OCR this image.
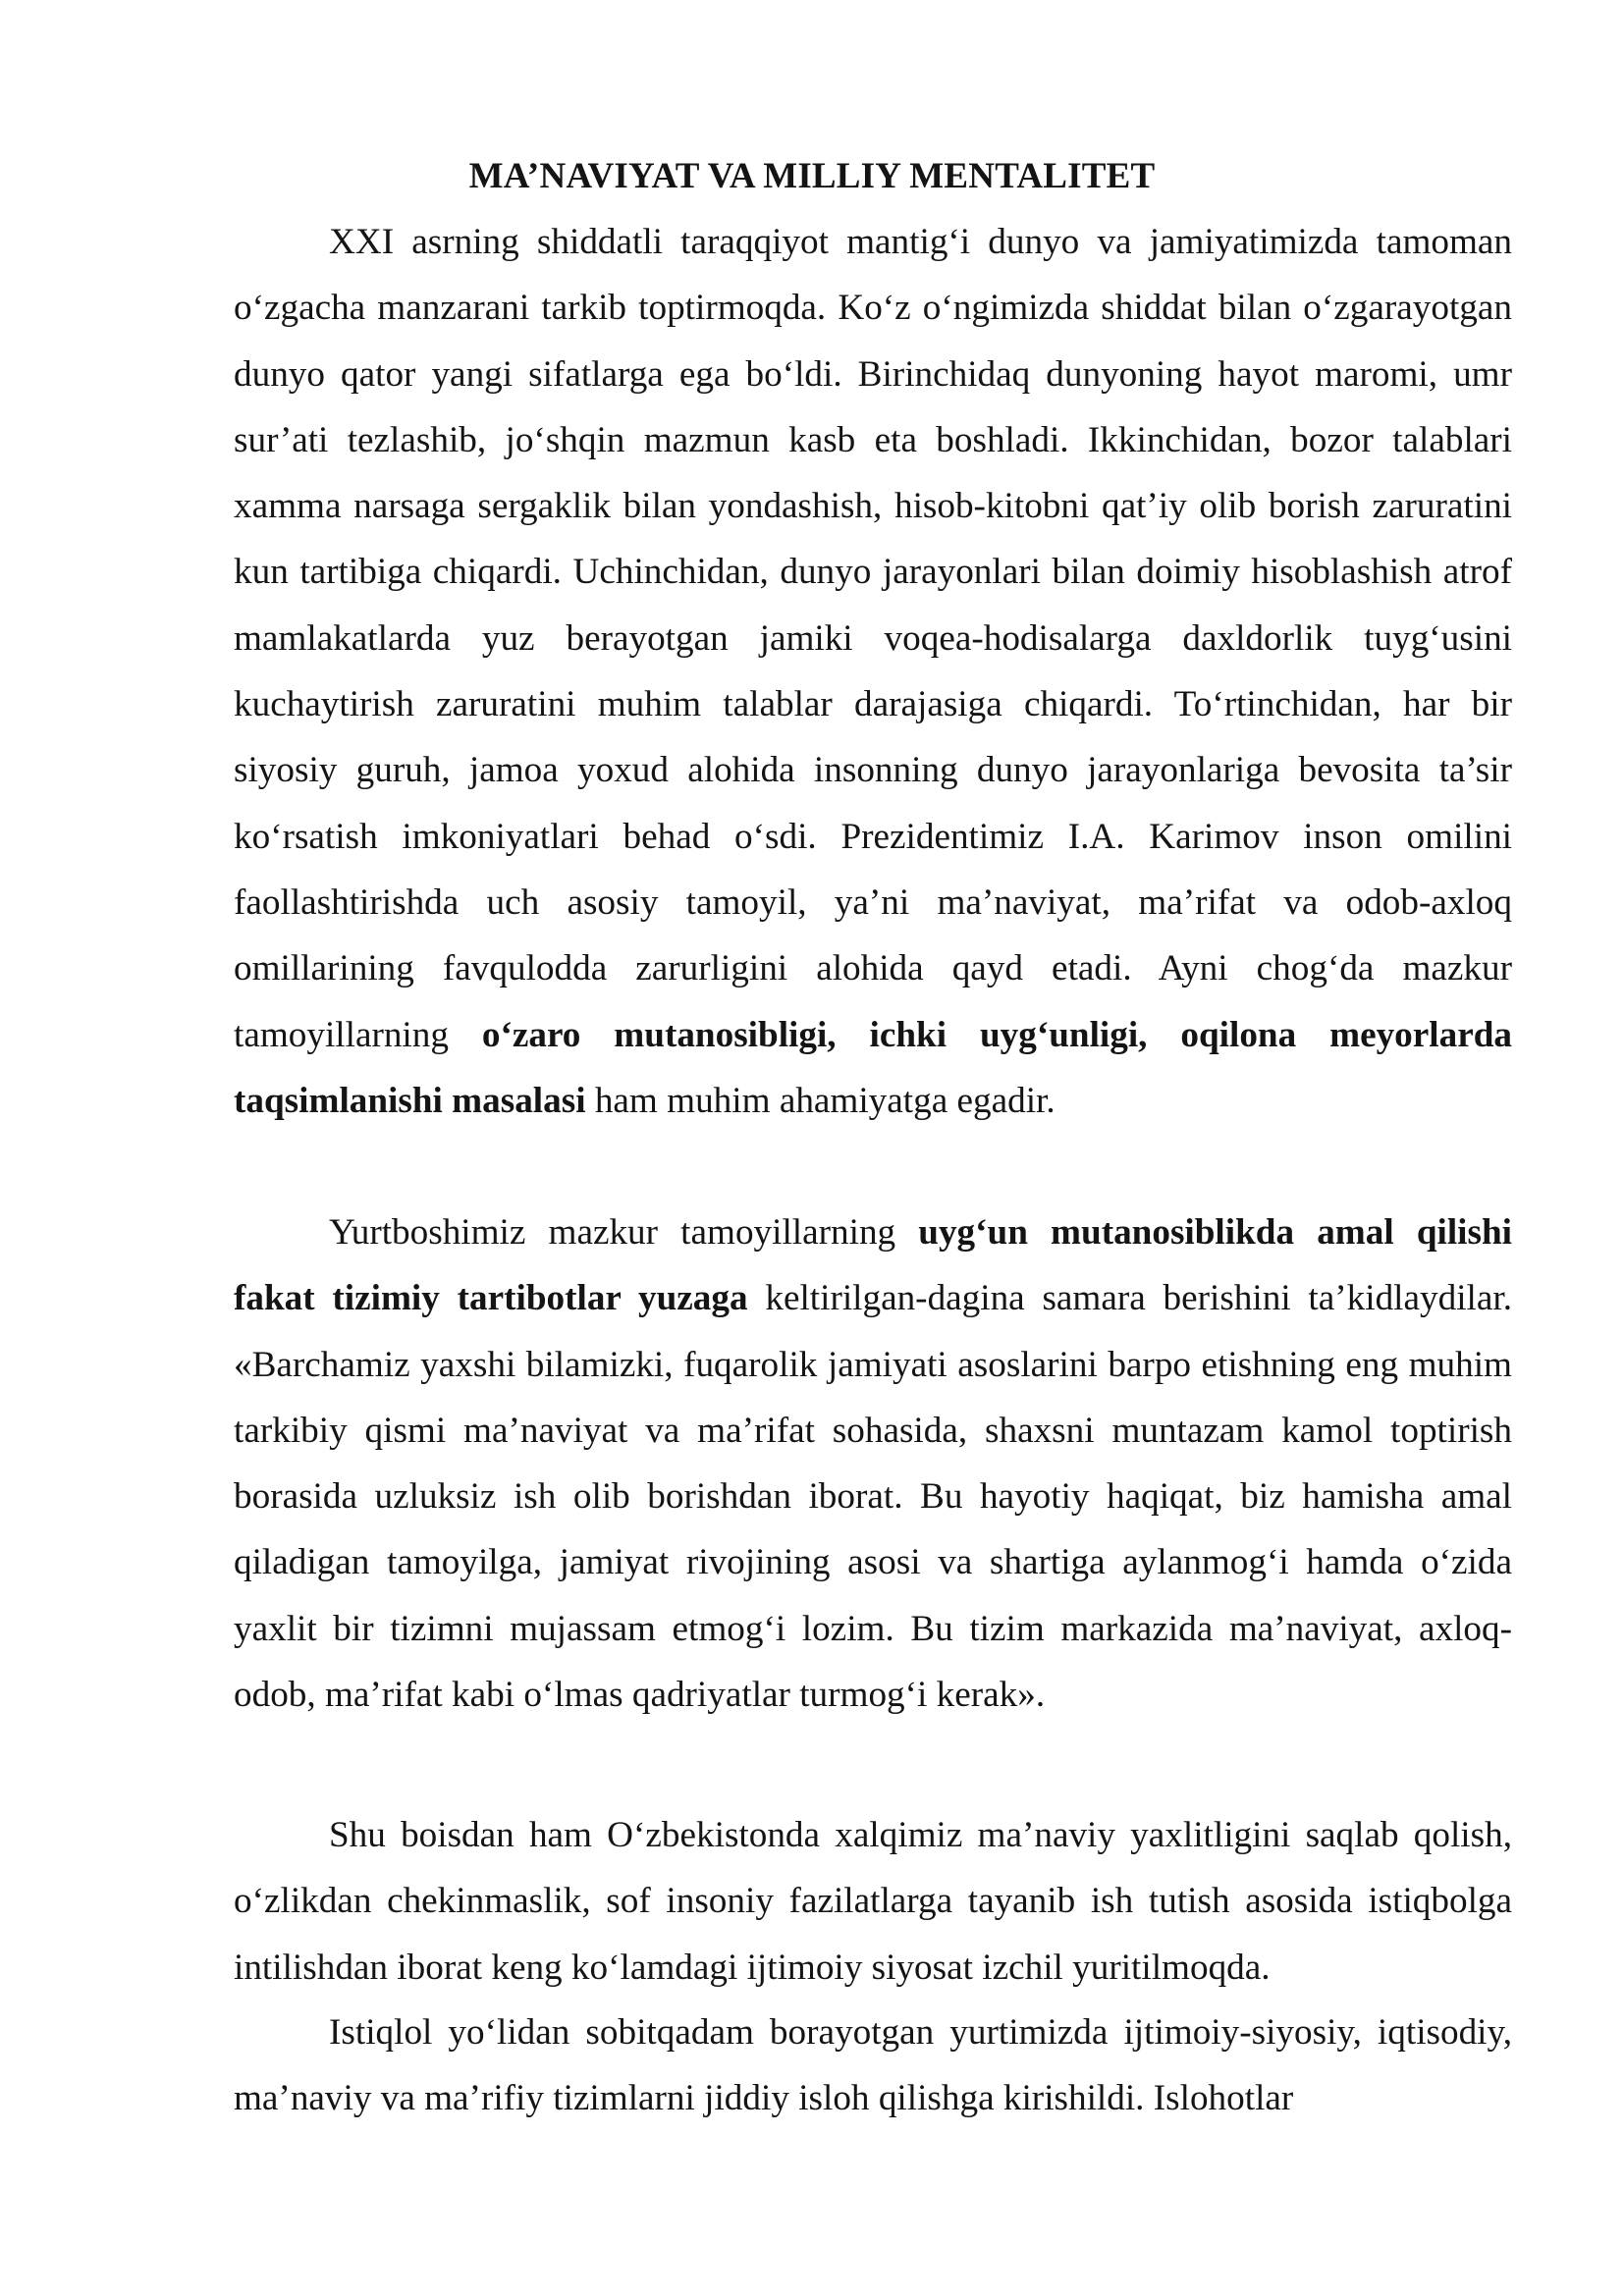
MA’NAVIYAT VA MILLIY MENTALITET

XXI asrning shiddatli taraqqiyot mantig‘i dunyo va jamiyatimizda tamoman o‘zgacha manzarani tarkib toptirmoqda. Ko‘z o‘ngimizda shiddat bilan o‘zgarayotgan dunyo qator yangi sifatlarga ega bo‘ldi. Birinchidaq dunyoning hayot maromi, umr sur’ati tezlashib, jo‘shqin mazmun kasb eta boshladi. Ikkinchidan, bozor talablari xamma narsaga sergaklik bilan yondashish, hisob-kitobni qat’iy olib borish zaruratini kun tartibiga chiqardi. Uchinchidan, dunyo jarayonlari bilan doimiy hisoblashish atrof mamlakatlarda yuz berayotgan jamiki voqea-hodisalarga daxldorlik tuyg‘usini kuchaytirish zaruratini muhim talablar darajasiga chiqardi. To‘rtinchidan, har bir siyosiy guruh, jamoa yoxud alohida insonning dunyo jarayonlariga bevosita ta’sir ko‘rsatish imkoniyatlari behad o‘sdi. Prezidentimiz I.A. Karimov inson omilini faollashtirishda uch asosiy tamoyil, ya’ni ma’naviyat, ma’rifat va odob-axloq omillarining favqulodda zarurligini alohida qayd etadi. Ayni chog‘da mazkur tamoyillarning o‘zaro mutanosibligi, ichki uyg‘unligi, oqilona meyorlarda taqsimlanishi masalasi ham muhim ahamiyatga egadir.

Yurtboshimiz mazkur tamoyillarning uyg‘un mutanosiblikda amal qilishi fakat tizimiy tartibotlar yuzaga keltirilgan-dagina samara berishini ta’kidlaydilar. «Barchamiz yaxshi bilamizki, fuqarolik jamiyati asoslarini barpo etishning eng muhim tarkibiy qismi ma’naviyat va ma’rifat sohasida, shaxsni muntazam kamol toptirish borasida uzluksiz ish olib borishdan iborat. Bu hayotiy haqiqat, biz hamisha amal qiladigan tamoyilga, jamiyat rivojining asosi va shartiga aylanmog‘i hamda o‘zida yaxlit bir tizimni mujassam etmog‘i lozim. Bu tizim markazida ma’naviyat, axloq-odob, ma’rifat kabi o‘lmas qadriyatlar turmog‘i kerak».

Shu boisdan ham O‘zbekistonda xalqimiz ma’naviy yaxlitligini saqlab qolish, o‘zlikdan chekinmaslik, sof insoniy fazilatlarga tayanib ish tutish asosida istiqbolga intilishdan iborat keng ko‘lamdagi ijtimoiy siyosat izchil yuritilmoqda.

Istiqlol yo‘lidan sobitqadam borayotgan yurtimizda ijtimoiy-siyosiy, iqtisodiy, ma’naviy va ma’rifiy tizimlarni jiddiy isloh qilishga kirishildi. Islohotlar
